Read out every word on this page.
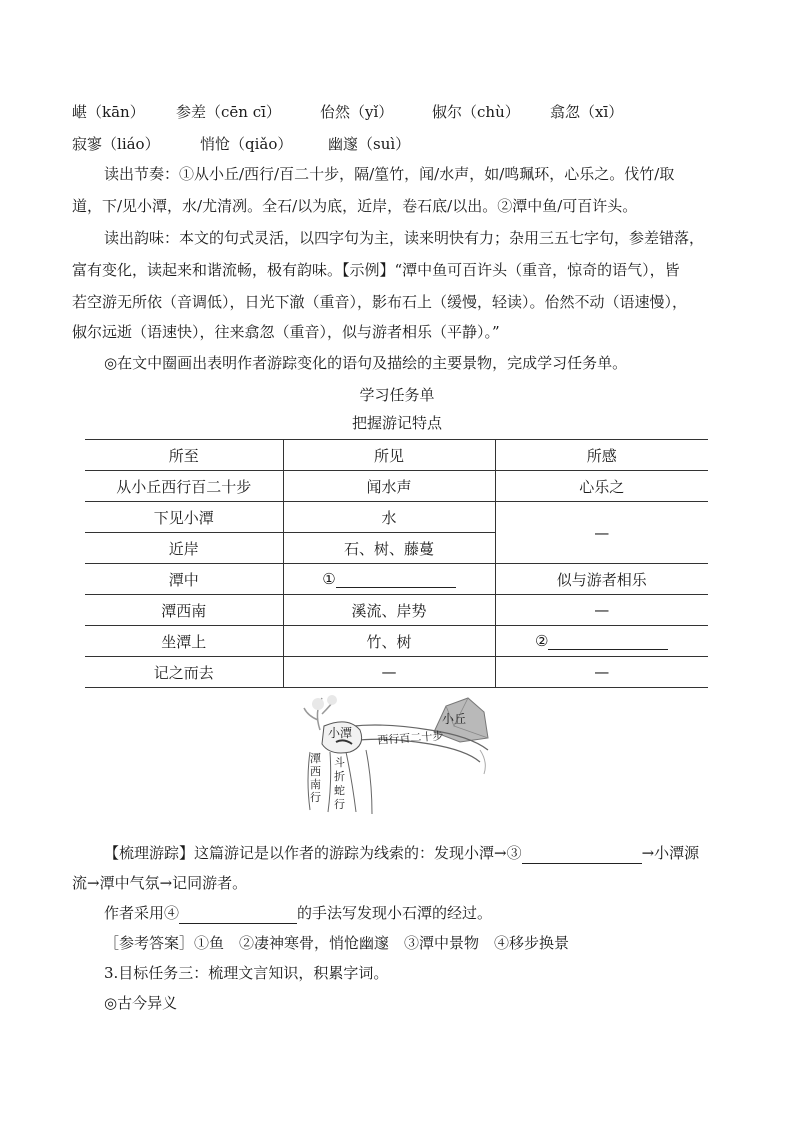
嵁（kān）	参差（cēn cī）	佁然（yǐ）	俶尔（chù）	翕忽（xī）
寂寥（liáo）	悄怆（qiǎo）	幽邃（suì）
读出节奏：①从小丘/西行/百二十步，隔/篁竹，闻/水声，如/鸣珮环，心乐之。伐竹/取
道，下/见小潭，水/尤清冽。全石/以为底，近岸，卷石底/以出。②潭中鱼/可百许头。
读出韵味：本文的句式灵活，以四字句为主，读来明快有力；杂用三五七字句，参差错落，
富有变化，读起来和谐流畅，极有韵味。【示例】“潭中鱼可百许头（重音，惊奇的语气），皆
若空游无所依（音调低），日光下澈（重音），影布石上（缓慢，轻读）。佁然不动（语速慢），
俶尔远逝（语速快），往来翕忽（重音），似与游者相乐（平静）。”
◎在文中圈画出表明作者游踪变化的语句及描绘的主要景物，完成学习任务单。
学习任务单
把握游记特点
所至	所见	所感
从小丘西行百二十步	闻水声	心乐之
下见小潭	水	—
近岸	石、树、藤蔓	
潭中	①	似与游者相乐
潭西南	溪流、岸势	—
坐潭上	竹、树	②
记之而去	—	—
小丘
西行百二十步
小潭
潭西南行
斗折蛇行
【梳理游踪】这篇游记是以作者的游踪为线索的：发现小潭→③	→小潭源
流→潭中气氛→记同游者。
作者采用④	的手法写发现小石潭的经过。
［参考答案］①鱼　②凄神寒骨，悄怆幽邃　③潭中景物　④移步换景
3.目标任务三：梳理文言知识，积累字词。
◎古今异义
